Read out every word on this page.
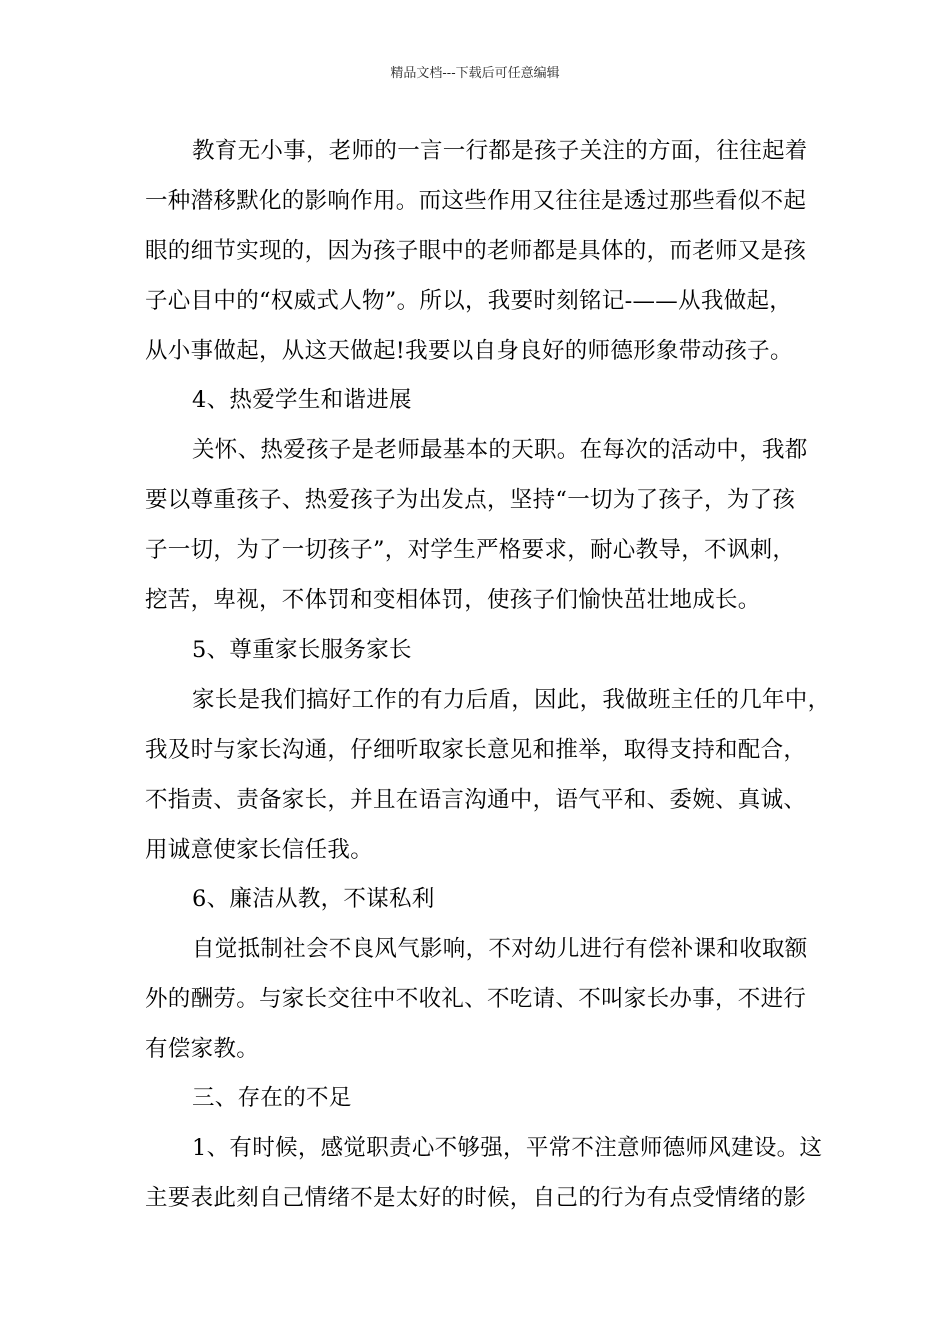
精品文档---下载后可任意编辑
教育无小事，老师的一言一行都是孩子关注的方面，往往起着
一种潜移默化的影响作用。而这些作用又往往是透过那些看似不起
眼的细节实现的，因为孩子眼中的老师都是具体的，而老师又是孩
子心目中的“权威式人物”。所以，我要时刻铭记-——从我做起，
从小事做起，从这天做起!我要以自身良好的师德形象带动孩子。
4、热爱学生和谐进展
关怀、热爱孩子是老师最基本的天职。在每次的活动中，我都
要以尊重孩子、热爱孩子为出发点，坚持“一切为了孩子，为了孩
子一切，为了一切孩子”，对学生严格要求，耐心教导，不讽刺，
挖苦，卑视，不体罚和变相体罚，使孩子们愉快茁壮地成长。
5、尊重家长服务家长
家长是我们搞好工作的有力后盾，因此，我做班主任的几年中，
我及时与家长沟通，仔细听取家长意见和推举，取得支持和配合，
不指责、责备家长，并且在语言沟通中，语气平和、委婉、真诚、
用诚意使家长信任我。
6、廉洁从教，不谋私利
自觉抵制社会不良风气影响，不对幼儿进行有偿补课和收取额
外的酬劳。与家长交往中不收礼、不吃请、不叫家长办事，不进行
有偿家教。
三、存在的不足
1、有时候，感觉职责心不够强，平常不注意师德师风建设。这
主要表此刻自己情绪不是太好的时候，自己的行为有点受情绪的影
